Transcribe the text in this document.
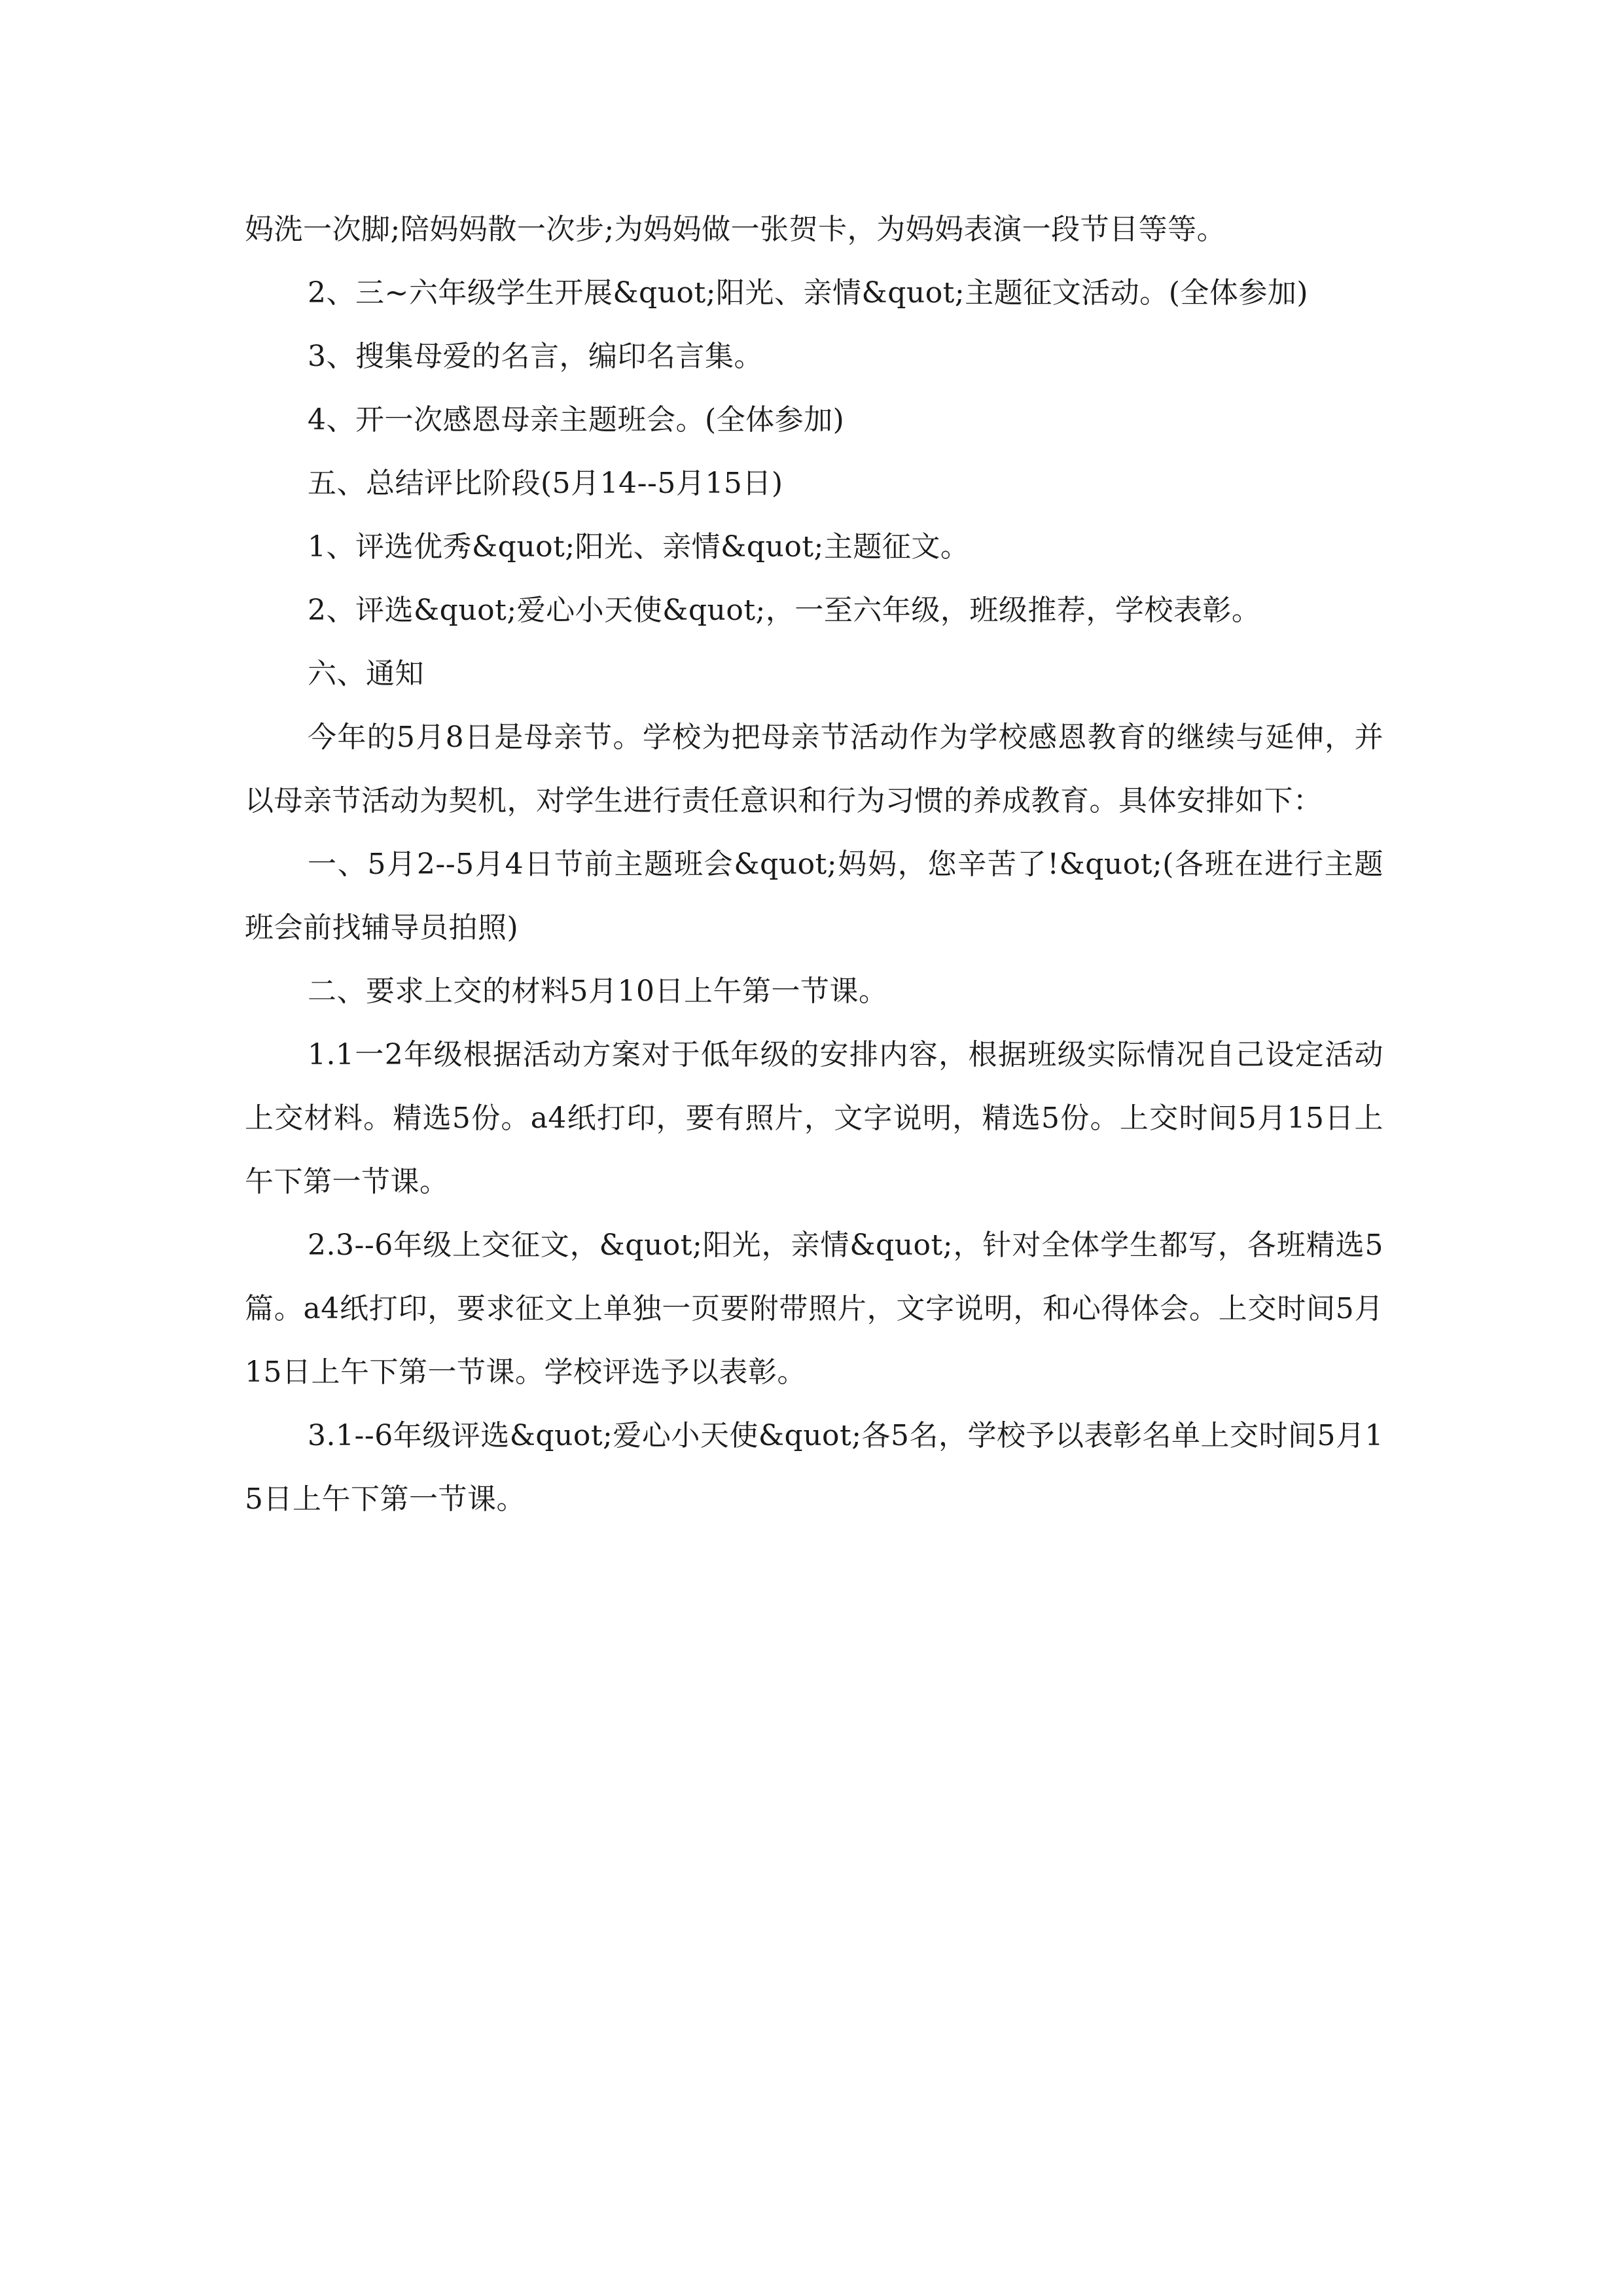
妈洗一次脚;陪妈妈散一次步;为妈妈做一张贺卡，为妈妈表演一段节目等等。

2、三~六年级学生开展&quot;阳光、亲情&quot;主题征文活动。(全体参加)

3、搜集母爱的名言，编印名言集。

4、开一次感恩母亲主题班会。(全体参加)

五、总结评比阶段(5月14--5月15日)

1、评选优秀&quot;阳光、亲情&quot;主题征文。

2、评选&quot;爱心小天使&quot;，一至六年级，班级推荐，学校表彰。

六、通知

今年的5月8日是母亲节。学校为把母亲节活动作为学校感恩教育的继续与延伸，并以母亲节活动为契机，对学生进行责任意识和行为习惯的养成教育。具体安排如下：

一、5月2--5月4日节前主题班会&quot;妈妈，您辛苦了!&quot;(各班在进行主题班会前找辅导员拍照)

二、要求上交的材料5月10日上午第一节课。

1.1一2年级根据活动方案对于低年级的安排内容，根据班级实际情况自己设定活动上交材料。精选5份。a4纸打印，要有照片，文字说明，精选5份。上交时间5月15日上午下第一节课。

2.3--6年级上交征文，&quot;阳光，亲情&quot;，针对全体学生都写，各班精选5篇。a4纸打印，要求征文上单独一页要附带照片，文字说明，和心得体会。上交时间5月15日上午下第一节课。学校评选予以表彰。

3.1--6年级评选&quot;爱心小天使&quot;各5名，学校予以表彰名单上交时间5月15日上午下第一节课。
